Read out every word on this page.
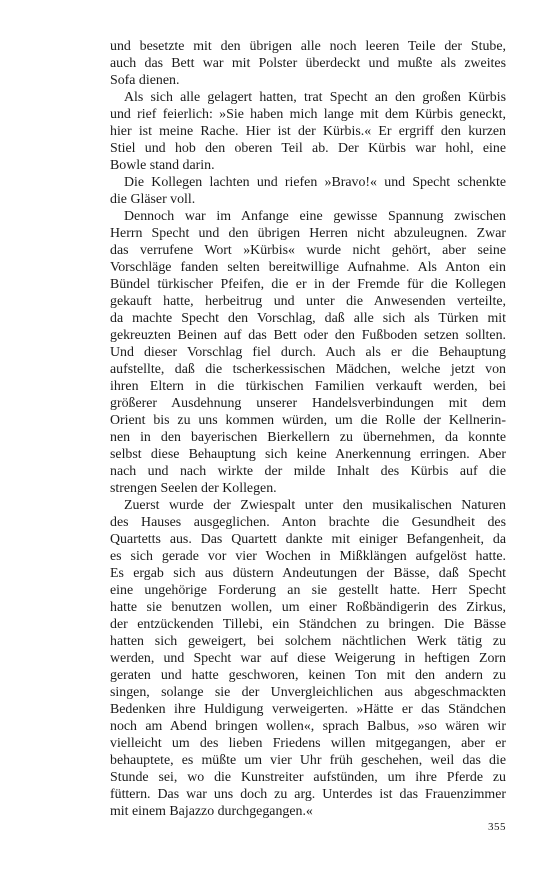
und besetzte mit den übrigen alle noch leeren Teile der Stube,
auch das Bett war mit Polster überdeckt und mußte als zweites
Sofa dienen.
Als sich alle gelagert hatten, trat Specht an den großen Kürbis
und rief feierlich: »Sie haben mich lange mit dem Kürbis geneckt,
hier ist meine Rache. Hier ist der Kürbis.« Er ergriff den kurzen
Stiel und hob den oberen Teil ab. Der Kürbis war hohl, eine
Bowle stand darin.
Die Kollegen lachten und riefen »Bravo!« und Specht schenkte
die Gläser voll.
Dennoch war im Anfange eine gewisse Spannung zwischen
Herrn Specht und den übrigen Herren nicht abzuleugnen. Zwar
das verrufene Wort »Kürbis« wurde nicht gehört, aber seine
Vorschläge fanden selten bereitwillige Aufnahme. Als Anton ein
Bündel türkischer Pfeifen, die er in der Fremde für die Kollegen
gekauft hatte, herbeitrug und unter die Anwesenden verteilte,
da machte Specht den Vorschlag, daß alle sich als Türken mit
gekreuzten Beinen auf das Bett oder den Fußboden setzen sollten.
Und dieser Vorschlag fiel durch. Auch als er die Behauptung
aufstellte, daß die tscherkessischen Mädchen, welche jetzt von
ihren Eltern in die türkischen Familien verkauft werden, bei
größerer Ausdehnung unserer Handelsverbindungen mit dem
Orient bis zu uns kommen würden, um die Rolle der Kellnerin-
nen in den bayerischen Bierkellern zu übernehmen, da konnte
selbst diese Behauptung sich keine Anerkennung erringen. Aber
nach und nach wirkte der milde Inhalt des Kürbis auf die
strengen Seelen der Kollegen.
Zuerst wurde der Zwiespalt unter den musikalischen Naturen
des Hauses ausgeglichen. Anton brachte die Gesundheit des
Quartetts aus. Das Quartett dankte mit einiger Befangenheit, da
es sich gerade vor vier Wochen in Mißklängen aufgelöst hatte.
Es ergab sich aus düstern Andeutungen der Bässe, daß Specht
eine ungehörige Forderung an sie gestellt hatte. Herr Specht
hatte sie benutzen wollen, um einer Roßbändigerin des Zirkus,
der entzückenden Tillebi, ein Ständchen zu bringen. Die Bässe
hatten sich geweigert, bei solchem nächtlichen Werk tätig zu
werden, und Specht war auf diese Weigerung in heftigen Zorn
geraten und hatte geschworen, keinen Ton mit den andern zu
singen, solange sie der Unvergleichlichen aus abgeschmackten
Bedenken ihre Huldigung verweigerten. »Hätte er das Ständchen
noch am Abend bringen wollen«, sprach Balbus, »so wären wir
vielleicht um des lieben Friedens willen mitgegangen, aber er
behauptete, es müßte um vier Uhr früh geschehen, weil das die
Stunde sei, wo die Kunstreiter aufstünden, um ihre Pferde zu
füttern. Das war uns doch zu arg. Unterdes ist das Frauenzimmer
mit einem Bajazzo durchgegangen.«
355
